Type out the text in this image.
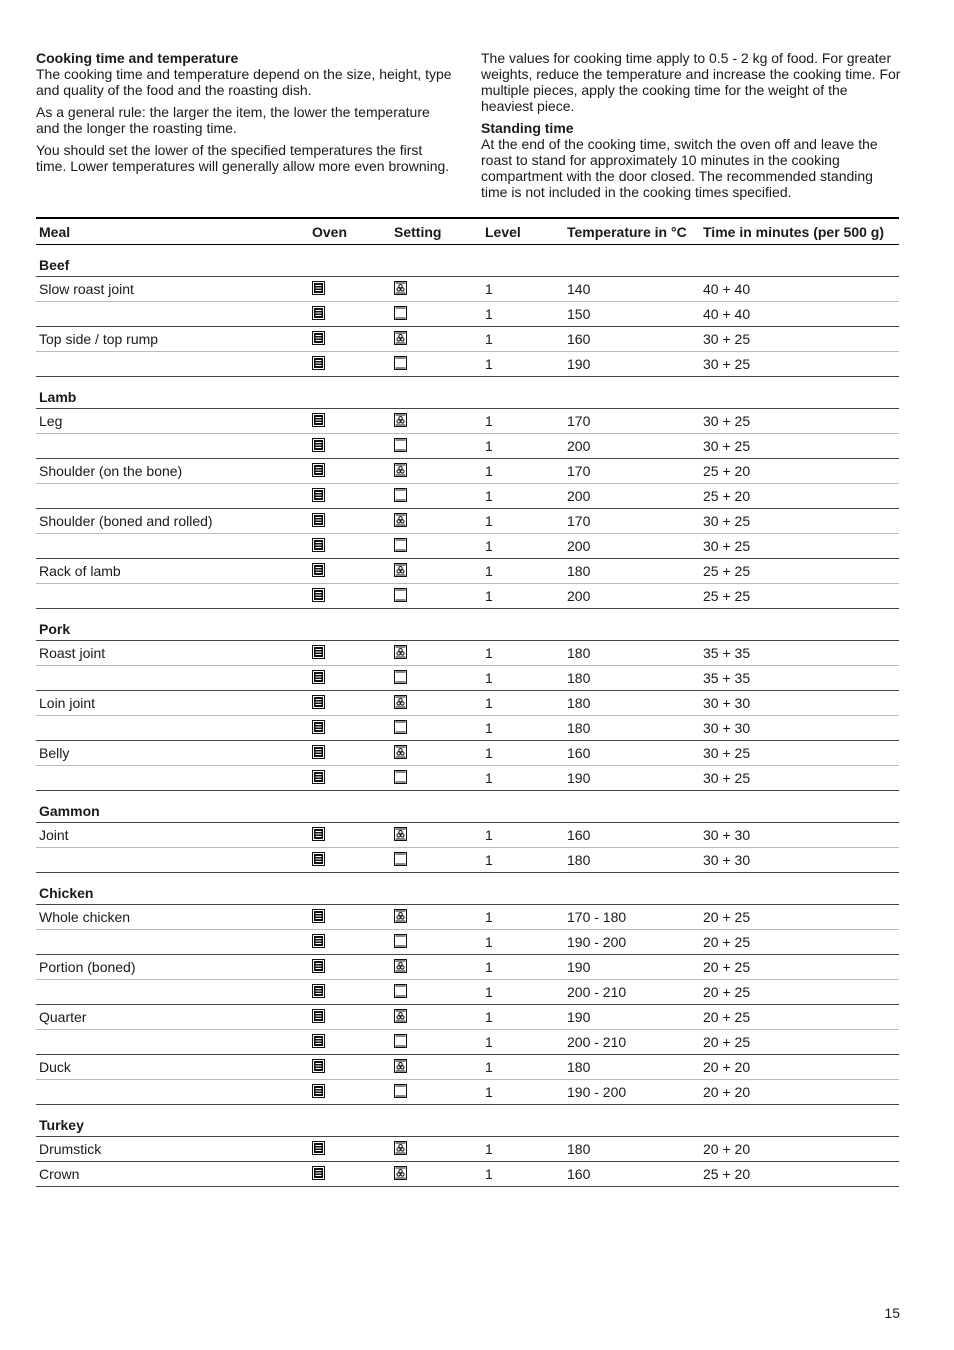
Cooking time and temperature

The cooking time and temperature depend on the size, height, type and quality of the food and the roasting dish.

As a general rule: the larger the item, the lower the temperature and the longer the roasting time.

You should set the lower of the specified temperatures the first time. Lower temperatures will generally allow more even browning.

The values for cooking time apply to 0.5 - 2 kg of food. For greater weights, reduce the temperature and increase the cooking time. For multiple pieces, apply the cooking time for the weight of the heaviest piece.

Standing time

At the end of the cooking time, switch the oven off and leave the roast to stand for approximately 10 minutes in the cooking compartment with the door closed. The recommended standing time is not included in the cooking times specified.

Meal	Oven	Setting	Level	Temperature in °C	Time in minutes (per 500 g)
Beef					
Slow roast joint			1	140	40 + 40
			1	150	40 + 40
Top side / top rump			1	160	30 + 25
			1	190	30 + 25
Lamb					
Leg			1	170	30 + 25
			1	200	30 + 25
Shoulder (on the bone)			1	170	25 + 20
			1	200	25 + 20
Shoulder (boned and rolled)			1	170	30 + 25
			1	200	30 + 25
Rack of lamb			1	180	25 + 25
			1	200	25 + 25
Pork					
Roast joint			1	180	35 + 35
			1	180	35 + 35
Loin joint			1	180	30 + 30
			1	180	30 + 30
Belly			1	160	30 + 25
			1	190	30 + 25
Gammon					
Joint			1	160	30 + 30
			1	180	30 + 30
Chicken					
Whole chicken			1	170 - 180	20 + 25
			1	190 - 200	20 + 25
Portion (boned)			1	190	20 + 25
			1	200 - 210	20 + 25
Quarter			1	190	20 + 25
			1	200 - 210	20 + 25
Duck			1	180	20 + 20
			1	190 - 200	20 + 20
Turkey					
Drumstick			1	180	20 + 20
Crown			1	160	25 + 20
15
